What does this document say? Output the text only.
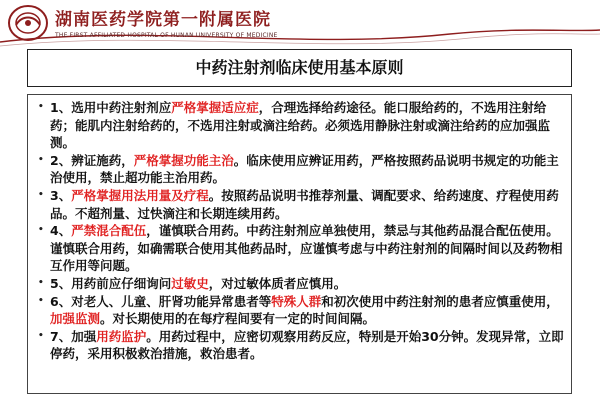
湖南医药学院第一附属医院
THE FIRST AFFILIATED HOSPITAL OF HUNAN UNIVERSITY OF MEDICINE
中药注射剂临床使用基本原则
• 1、选用中药注射剂应严格掌握适应症，合理选择给药途径。能口服给药的，不选用注射给药；能肌内注射给药的，不选用注射或滴注给药。必须选用静脉注射或滴注给药的应加强监测。
• 2、辨证施药，严格掌握功能主治。临床使用应辨证用药，严格按照药品说明书规定的功能主治使用，禁止超功能主治用药。
• 3、严格掌握用法用量及疗程。按照药品说明书推荐剂量、调配要求、给药速度、疗程使用药品。不超剂量、过快滴注和长期连续用药。
• 4、严禁混合配伍，谨慎联合用药。中药注射剂应单独使用，禁忌与其他药品混合配伍使用。谨慎联合用药，如确需联合使用其他药品时，应谨慎考虑与中药注射剂的间隔时间以及药物相互作用等问题。
• 5、用药前应仔细询问过敏史，对过敏体质者应慎用。
• 6、对老人、儿童、肝肾功能异常患者等特殊人群和初次使用中药注射剂的患者应慎重使用，加强监测。对长期使用的在每疗程间要有一定的时间间隔。
• 7、加强用药监护。用药过程中，应密切观察用药反应，特别是开始30分钟。发现异常，立即停药，采用积极救治措施，救治患者。
